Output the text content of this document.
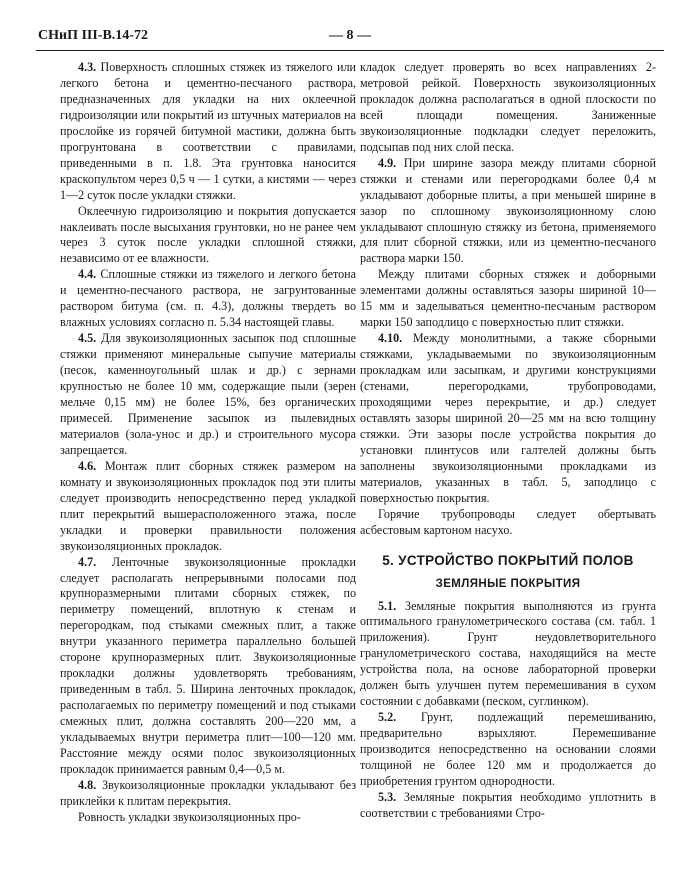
СНиП III-В.14-72	— 8 —

4.3. Поверхность сплошных стяжек из тяжелого или легкого бетона и цементно-песчаного раствора, предназначенных для укладки на них оклеечной гидроизоляции или покрытий из штучных материалов на прослойке из горячей битумной мастики, должна быть прогрунтована в соответствии с правилами, приведенными в п. 1.8. Эта грунтовка наносится краскопультом через 0,5 ч — 1 сутки, а кистями — через 1—2 суток после укладки стяжки.

Оклеечную гидроизоляцию и покрытия допускается наклеивать после высыхания грунтовки, но не ранее чем через 3 суток после укладки сплошной стяжки, независимо от ее влажности.

4.4. Сплошные стяжки из тяжелого и легкого бетона и цементно-песчаного раствора, не загрунтованные раствором битума (см. п. 4.3), должны твердеть во влажных условиях согласно п. 5.34 настоящей главы.

4.5. Для звукоизоляционных засыпок под сплошные стяжки применяют минеральные сыпучие материалы (песок, каменноугольный шлак и др.) с зернами крупностью не более 10 мм, содержащие пыли (зерен мельче 0,15 мм) не более 15%, без органических примесей. Применение засыпок из пылевидных материалов (зола-унос и др.) и строительного мусора запрещается.

4.6. Монтаж плит сборных стяжек размером на комнату и звукоизоляционных прокладок под эти плиты следует производить непосредственно перед укладкой плит перекрытий вышерасположенного этажа, после укладки и проверки правильности положения звукоизоляционных прокладок.

4.7. Ленточные звукоизоляционные прокладки следует располагать непрерывными полосами под крупноразмерными плитами сборных стяжек, по периметру помещений, вплотную к стенам и перегородкам, под стыками смежных плит, а также внутри указанного периметра параллельно большей стороне крупноразмерных плит. Звукоизоляционные прокладки должны удовлетворять требованиям, приведенным в табл. 5. Ширина ленточных прокладок, располагаемых по периметру помещений и под стыками смежных плит, должна составлять 200—220 мм, а укладываемых внутри периметра плит—100—120 мм. Расстояние между осями полос звукоизоляционных прокладок принимается равным 0,4—0,5 м.

4.8. Звукоизоляционные прокладки укладывают без приклейки к плитам перекрытия.

Ровность укладки звукоизоляционных про-

кладок следует проверять во всех направлениях 2-метровой рейкой. Поверхность звукоизоляционных прокладок должна располагаться в одной плоскости по всей площади помещения. Заниженные звукоизоляционные подкладки следует переложить, подсыпав под них слой песка.

4.9. При ширине зазора между плитами сборной стяжки и стенами или перегородками более 0,4 м укладывают доборные плиты, а при меньшей ширине в зазор по сплошному звукоизоляционному слою укладывают сплошную стяжку из бетона, применяемого для плит сборной стяжки, или из цементно-песчаного раствора марки 150.

Между плитами сборных стяжек и доборными элементами должны оставляться зазоры шириной 10—15 мм и заделываться цементно-песчаным раствором марки 150 заподлицо с поверхностью плит стяжки.

4.10. Между монолитными, а также сборными стяжками, укладываемыми по звукоизоляционным прокладкам или засыпкам, и другими конструкциями (стенами, перегородками, трубопроводами, проходящими через перекрытие, и др.) следует оставлять зазоры шириной 20—25 мм на всю толщину стяжки. Эти зазоры после устройства покрытия до установки плинтусов или галтелей должны быть заполнены звукоизоляционными прокладками из материалов, указанных в табл. 5, заподлицо с поверхностью покрытия.

Горячие трубопроводы следует обертывать асбестовым картоном насухо.

5. УСТРОЙСТВО ПОКРЫТИЙ ПОЛОВ
ЗЕМЛЯНЫЕ ПОКРЫТИЯ

5.1. Земляные покрытия выполняются из грунта оптимального гранулометрического состава (см. табл. 1 приложения). Грунт неудовлетворительного гранулометрического состава, находящийся на месте устройства пола, на основе лабораторной проверки должен быть улучшен путем перемешивания в сухом состоянии с добавками (песком, суглинком).

5.2. Грунт, подлежащий перемешиванию, предварительно взрыхляют. Перемешивание производится непосредственно на основании слоями толщиной не более 120 мм и продолжается до приобретения грунтом однородности.

5.3. Земляные покрытия необходимо уплотнить в соответствии с требованиями Стро-
